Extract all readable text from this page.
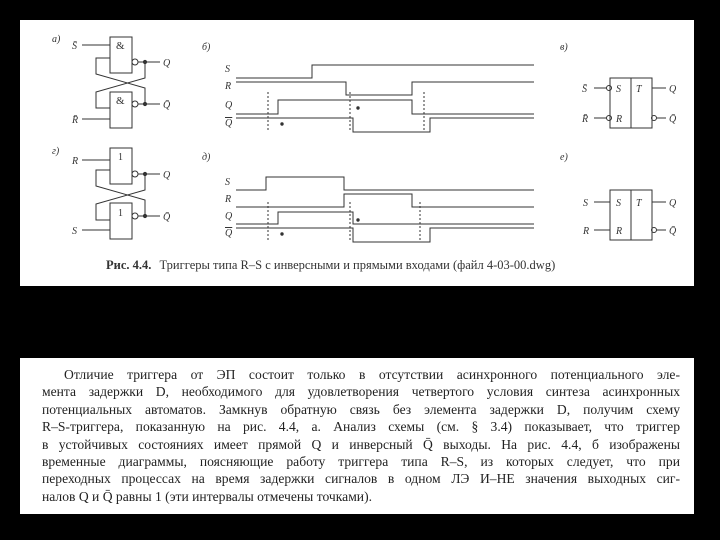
а)
б)	в)
г)
д)	е)
&
&
S̄
R̄
Q
Q̄
1
1
R
S
Q
Q̄
S
R
Q
Q
S
R
Q
Q
S̄
R̄
S
R
T	Q
Q̄
S
R
S
R
T	Q
Q̄
Рис. 4.4. Триггеры типа R–S с инверсными и прямыми входами (файл 4-03-00.dwg)

Отличие триггера от ЭП состоит только в отсутствии асинхронного потенциального эле-
мента задержки D, необходимого для удовлетворения четвертого условия синтеза асинхронных
потенциальных автоматов. Замкнув обратную связь без элемента задержки D, получим схему
R–S-триггера, показанную на рис. 4.4, а. Анализ схемы (см. § 3.4) показывает, что триггер
в устойчивых состояниях имеет прямой Q и инверсный Q̄ выходы. На рис. 4.4, б изображены
временные диаграммы, поясняющие работу триггера типа R–S, из которых следует, что при
переходных процессах на время задержки сигналов в одном ЛЭ И–НЕ значения выходных сиг-
налов Q и Q̄ равны 1 (эти интервалы отмечены точками).
